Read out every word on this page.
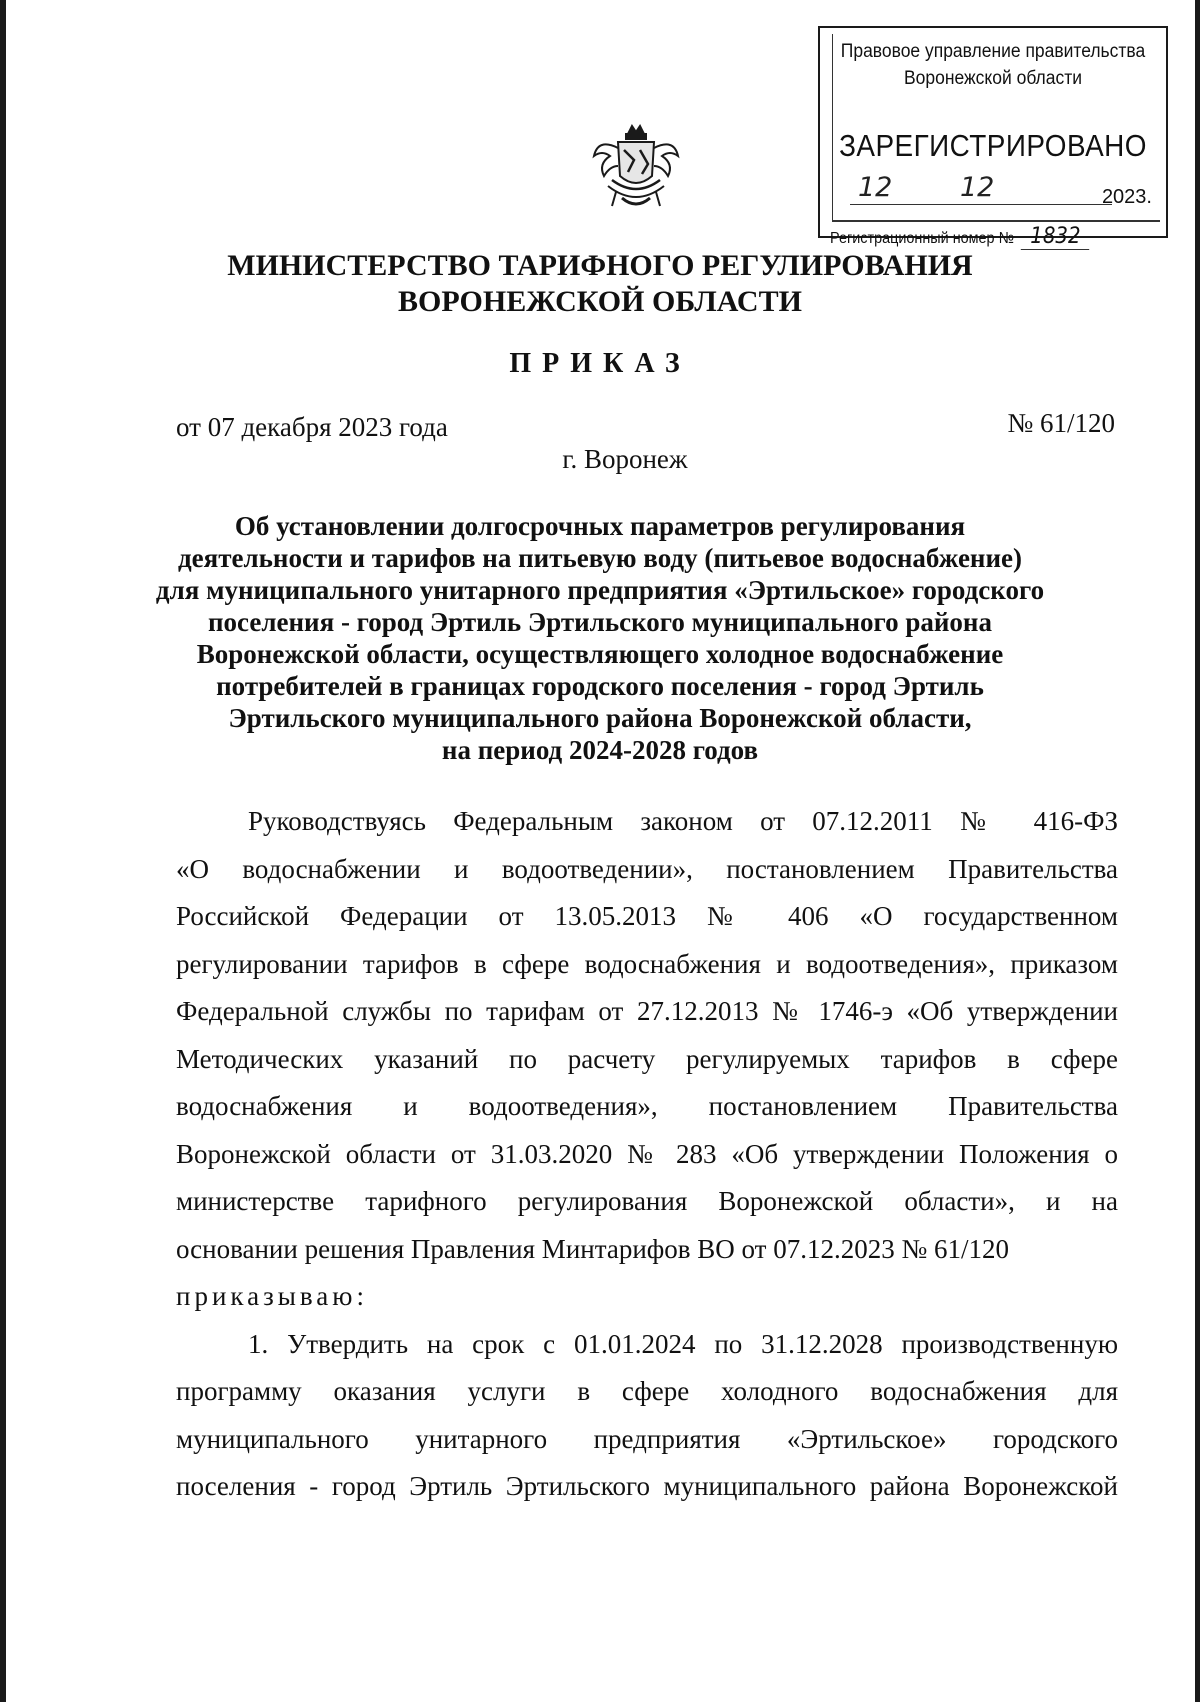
Правовое управление правительства
Воронежской области
ЗАРЕГИСТРИРОВАНО
12	12	2023.
Регистрационный номер № 1832
МИНИСТЕРСТВО ТАРИФНОГО РЕГУЛИРОВАНИЯ
ВОРОНЕЖСКОЙ ОБЛАСТИ
ПРИКАЗ
от 07 декабря 2023 года	№ 61/120
г. Воронеж
Об установлении долгосрочных параметров регулирования
деятельности и тарифов на питьевую воду (питьевое водоснабжение)
для муниципального унитарного предприятия «Эртильское» городского
поселения - город Эртиль Эртильского муниципального района
Воронежской области, осуществляющего холодное водоснабжение
потребителей в границах городского поселения - город Эртиль
Эртильского муниципального района Воронежской области,
на период 2024-2028 годов
Руководствуясь Федеральным законом от 07.12.2011 № 416-ФЗ
«О водоснабжении и водоотведении», постановлением Правительства
Российской Федерации от 13.05.2013 № 406 «О государственном
регулировании тарифов в сфере водоснабжения и водоотведения», приказом
Федеральной службы по тарифам от 27.12.2013 № 1746-э «Об утверждении
Методических указаний по расчету регулируемых тарифов в сфере
водоснабжения и водоотведения», постановлением Правительства
Воронежской области от 31.03.2020 № 283 «Об утверждении Положения о
министерстве тарифного регулирования Воронежской области», и на
основании решения Правления Минтарифов ВО от 07.12.2023 № 61/120
приказываю:
1. Утвердить на срок с 01.01.2024 по 31.12.2028 производственную
программу оказания услуги в сфере холодного водоснабжения для
муниципального унитарного предприятия «Эртильское» городского
поселения - город Эртиль Эртильского муниципального района Воронежской
